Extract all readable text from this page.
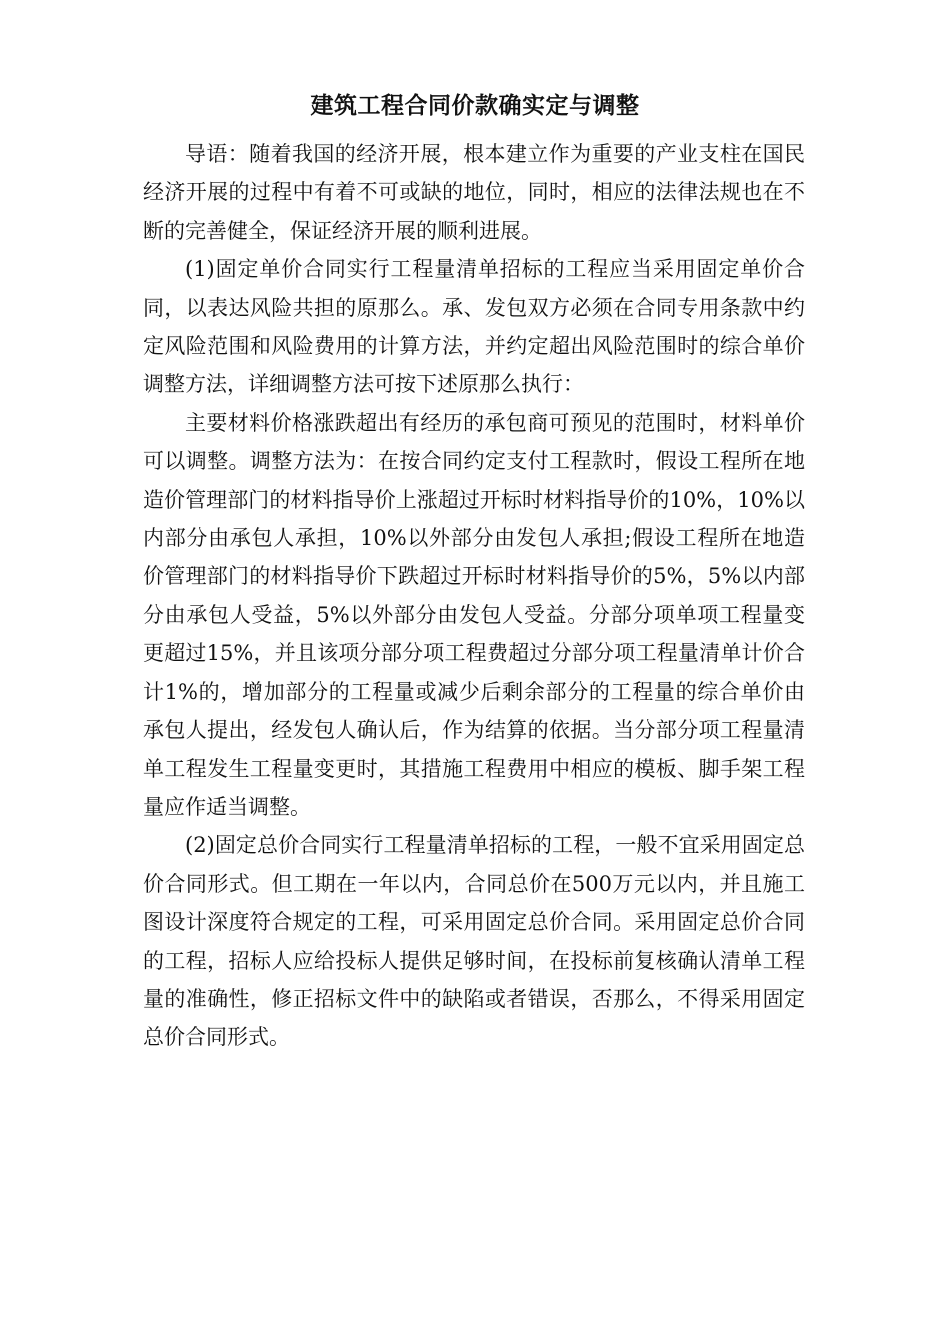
建筑工程合同价款确实定与调整

导语：随着我国的经济开展，根本建立作为重要的产业支柱在国民经济开展的过程中有着不可或缺的地位，同时，相应的法律法规也在不断的完善健全，保证经济开展的顺利进展。

(1)固定单价合同实行工程量清单招标的工程应当采用固定单价合同，以表达风险共担的原那么。承、发包双方必须在合同专用条款中约定风险范围和风险费用的计算方法，并约定超出风险范围时的综合单价调整方法，详细调整方法可按下述原那么执行：

主要材料价格涨跌超出有经历的承包商可预见的范围时，材料单价可以调整。调整方法为：在按合同约定支付工程款时，假设工程所在地造价管理部门的材料指导价上涨超过开标时材料指导价的10%，10%以内部分由承包人承担，10%以外部分由发包人承担;假设工程所在地造价管理部门的材料指导价下跌超过开标时材料指导价的5%，5%以内部分由承包人受益，5%以外部分由发包人受益。分部分项单项工程量变更超过15%，并且该项分部分项工程费超过分部分项工程量清单计价合计1%的，增加部分的工程量或减少后剩余部分的工程量的综合单价由承包人提出，经发包人确认后，作为结算的依据。当分部分项工程量清单工程发生工程量变更时，其措施工程费用中相应的模板、脚手架工程量应作适当调整。

(2)固定总价合同实行工程量清单招标的工程，一般不宜采用固定总价合同形式。但工期在一年以内，合同总价在500万元以内，并且施工图设计深度符合规定的工程，可采用固定总价合同。采用固定总价合同的工程，招标人应给投标人提供足够时间，在投标前复核确认清单工程量的准确性，修正招标文件中的缺陷或者错误，否那么，不得采用固定总价合同形式。
